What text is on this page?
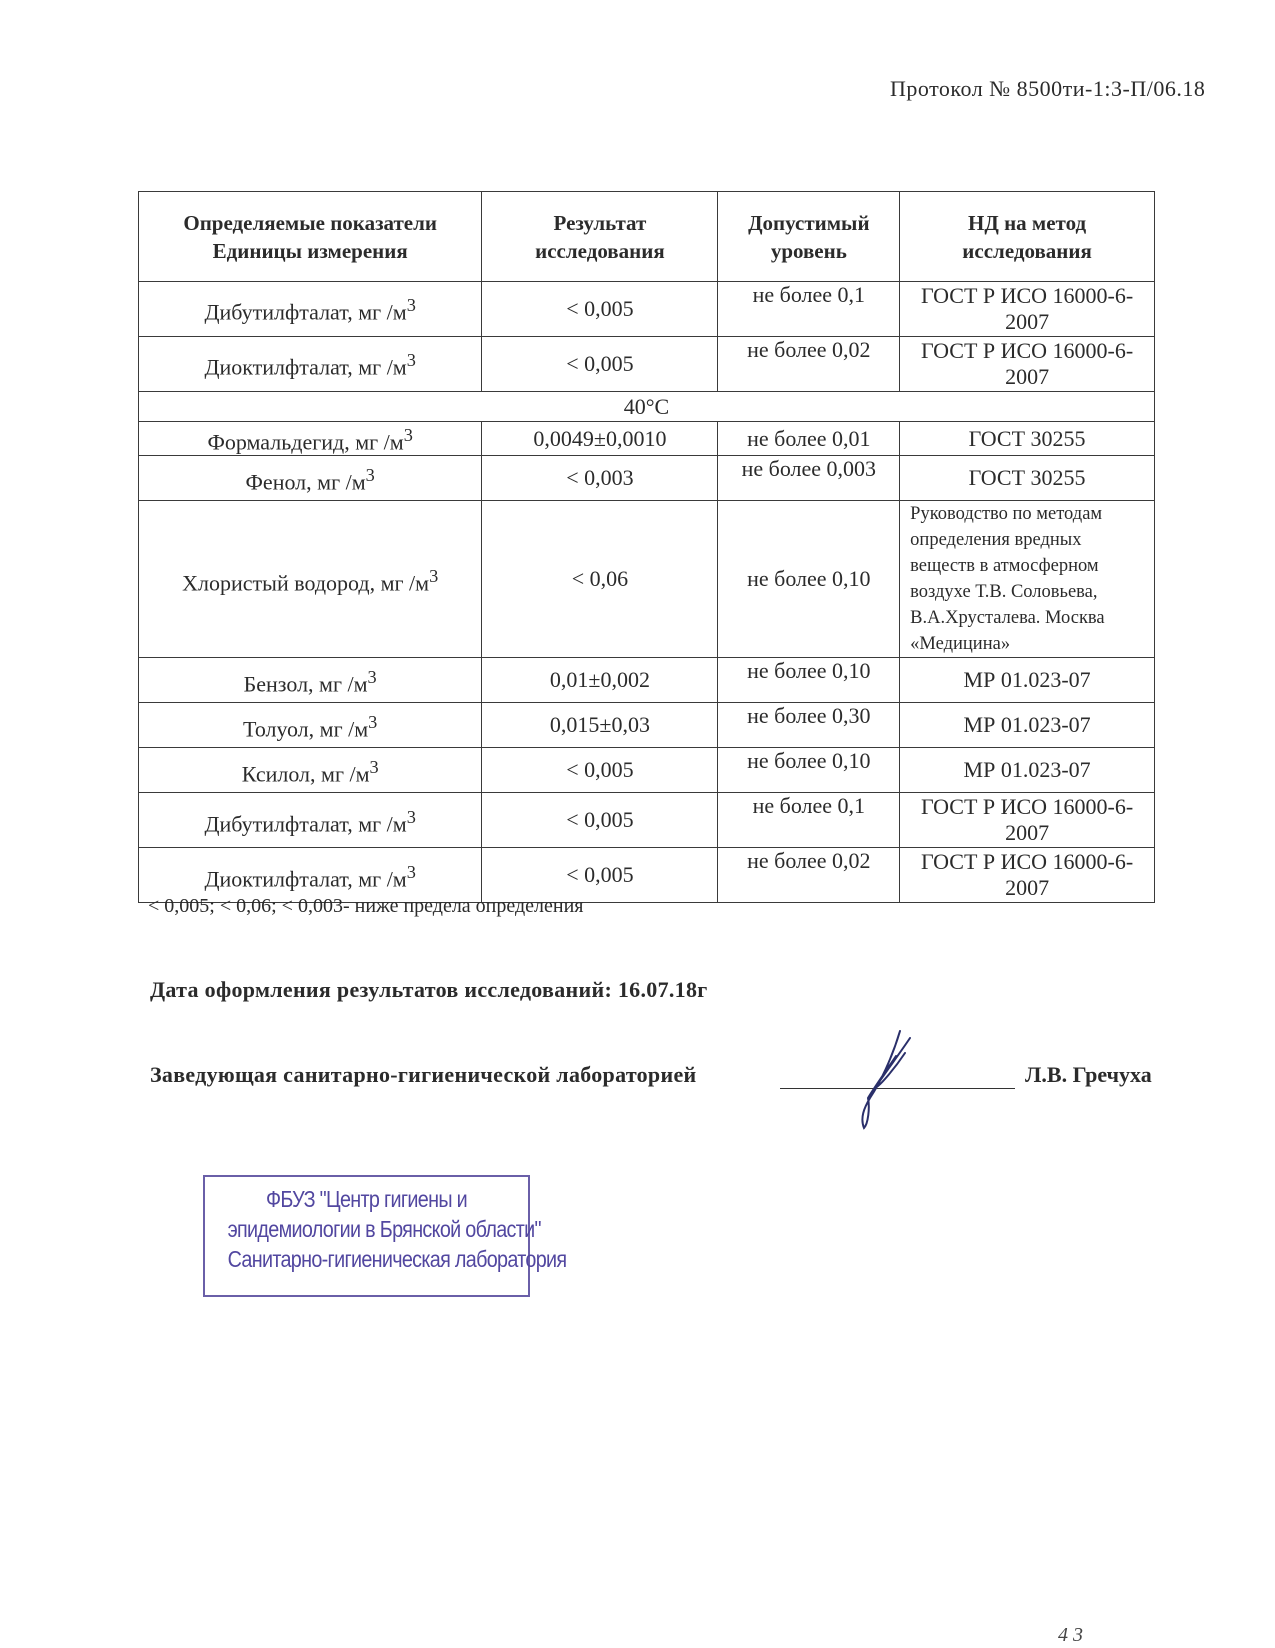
Протокол № 8500ти-1:3-П/06.18
Определяемые показатели Единицы измерения	Результат исследования	Допустимый уровень	НД на метод исследования
Дибутилфталат, мг $/м^3$	< 0,005	не более 0,1	ГОСТ Р ИСО 16000-6-2007
Диоктилфталат, мг $/м^3$	< 0,005	не более 0,02	ГОСТ Р ИСО 16000-6-2007
40°С			
Формальдегид, мг $/м^3$	0,0049±0,0010	не более 0,01	ГОСТ 30255
Фенол, мг $/м^3$	< 0,003	не более 0,003	ГОСТ 30255
Хлористый водород, мг $/м^3$	< 0,06	не более 0,10	Руководство по методам определения вредных веществ в атмосферном воздухе Т.В. Соловьева, В.А.Хрусталева. Москва «Медицина»
Бензол, мг $/м^3$	0,01±0,002	не более 0,10	МР 01.023-07
Толуол, мг $/м^3$	0,015±0,03	не более 0,30	МР 01.023-07
Ксилол, мг $/м^3$	< 0,005	не более 0,10	МР 01.023-07
Дибутилфталат, мг $/м^3$	< 0,005	не более 0,1	ГОСТ Р ИСО 16000-6-2007
Диоктилфталат, мг $/м^3$	< 0,005	не более 0,02	ГОСТ Р ИСО 16000-6-2007
< 0,005; < 0,06; < 0,003- ниже предела определения
Дата оформления результатов исследований: 16.07.18г
Заведующая санитарно-гигиенической лабораторией	Л.В. Гречуха
ФБУЗ "Центр гигиены и
эпидемиологии в Брянской области"
Санитарно-гигиеническая лаборатория
4 3
